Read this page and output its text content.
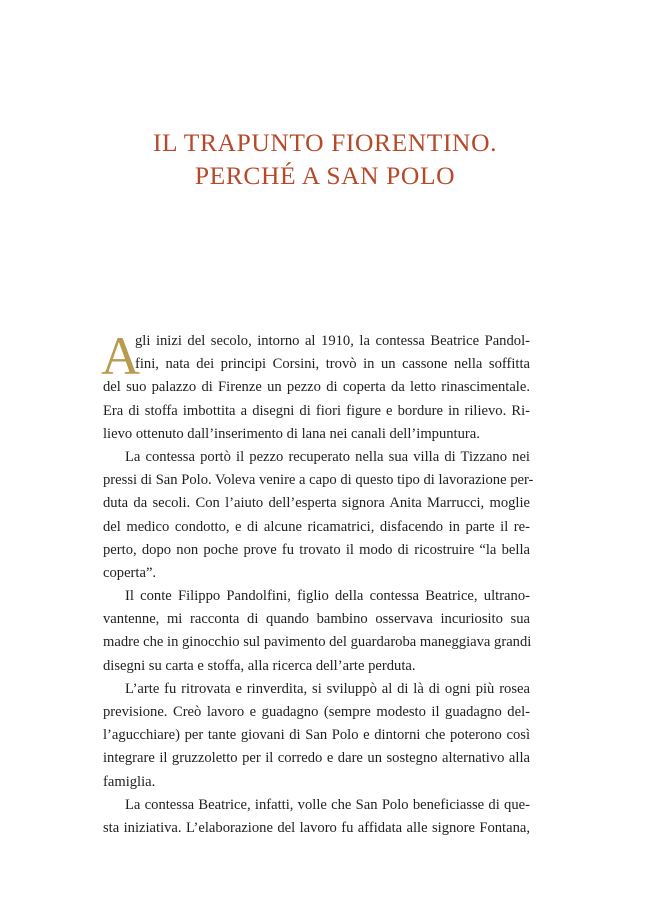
IL TRAPUNTO FIORENTINO.
PERCHÉ A SAN POLO
A
gli inizi del secolo, intorno al 1910, la contessa Beatrice Pandol-
fini, nata dei principi Corsini, trovò in un cassone nella soffitta
del suo palazzo di Firenze un pezzo di coperta da letto rinascimentale.
Era di stoffa imbottita a disegni di fiori figure e bordure in rilievo. Ri-
lievo ottenuto dall’inserimento di lana nei canali dell’impuntura.
La contessa portò il pezzo recuperato nella sua villa di Tizzano nei
pressi di San Polo. Voleva venire a capo di questo tipo di lavorazione per-
duta da secoli. Con l’aiuto dell’esperta signora Anita Marrucci, moglie
del medico condotto, e di alcune ricamatrici, disfacendo in parte il re-
perto, dopo non poche prove fu trovato il modo di ricostruire “la bella
coperta”.
Il conte Filippo Pandolfini, figlio della contessa Beatrice, ultrano-
vantenne, mi racconta di quando bambino osservava incuriosito sua
madre che in ginocchio sul pavimento del guardaroba maneggiava grandi
disegni su carta e stoffa, alla ricerca dell’arte perduta.
L’arte fu ritrovata e rinverdita, si sviluppò al di là di ogni più rosea
previsione. Creò lavoro e guadagno (sempre modesto il guadagno del-
l’agucchiare) per tante giovani di San Polo e dintorni che poterono così
integrare il gruzzoletto per il corredo e dare un sostegno alternativo alla
famiglia.
La contessa Beatrice, infatti, volle che San Polo beneficiasse di que-
sta iniziativa. L’elaborazione del lavoro fu affidata alle signore Fontana,
